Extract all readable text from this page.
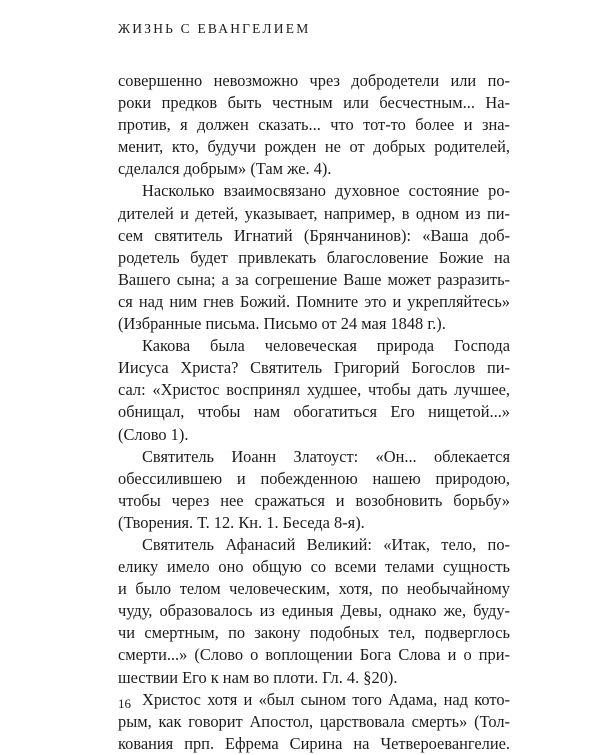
ЖИЗНЬ С ЕВАНГЕЛИЕМ
совершенно невозможно чрез добродетели или по-
роки предков быть честным или бесчестным... На-
против, я должен сказать... что тот-то более и зна-
менит, кто, будучи рожден не от добрых родителей,
сделался добрым» (Там же. 4).
Насколько взаимосвязано духовное состояние ро-
дителей и детей, указывает, например, в одном из пи-
сем святитель Игнатий (Брянчанинов): «Ваша доб-
родетель будет привлекать благословение Божие на
Вашего сына; а за согрешение Ваше может разразить-
ся над ним гнев Божий. Помните это и укрепляйтесь»
(Избранные письма. Письмо от 24 мая 1848 г.).
Какова была человеческая природа Господа
Иисуса Христа? Святитель Григорий Богослов пи-
сал: «Христос воспринял худшее, чтобы дать лучшее,
обнищал, чтобы нам обогатиться Его нищетой...»
(Слово 1).
Святитель Иоанн Златоуст: «Он... облекается
обессилившею и побежденною нашею природою,
чтобы через нее сражаться и возобновить борьбу»
(Творения. Т. 12. Кн. 1. Беседа 8-я).
Святитель Афанасий Великий: «Итак, тело, по-
елику имело оно общую со всеми телами сущность
и было телом человеческим, хотя, по необычайному
чуду, образовалось из единыя Девы, однако же, буду-
чи смертным, по закону подобных тел, подверглось
смерти...» (Слово о воплощении Бога Слова и о при-
шествии Его к нам во плоти. Гл. 4. §20).
Христос хотя и «был сыном того Адама, над кото-
рым, как говорит Апостол, царствовала смерть» (Тол-
кования прп. Ефрема Сирина на Четвероевангелие.
16
